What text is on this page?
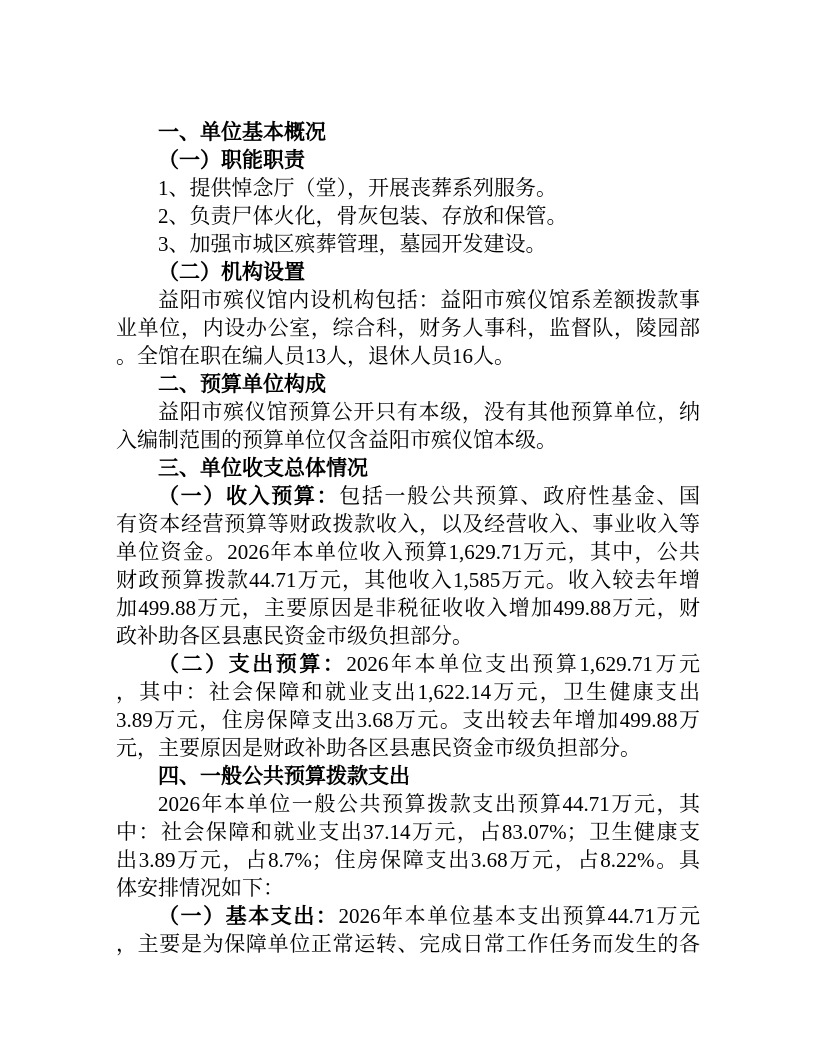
一、单位基本概况
（一）职能职责
1、提供悼念厅（堂），开展丧葬系列服务。
2、负责尸体火化，骨灰包装、存放和保管。
3、加强市城区殡葬管理，墓园开发建设。
（二）机构设置
益阳市殡仪馆内设机构包括：益阳市殡仪馆系差额拨款事
业单位，内设办公室，综合科，财务人事科，监督队，陵园部
。全馆在职在编人员13人，退休人员16人。
二、预算单位构成
益阳市殡仪馆预算公开只有本级，没有其他预算单位，纳
入编制范围的预算单位仅含益阳市殡仪馆本级。
三、单位收支总体情况
（一）收入预算：包括一般公共预算、政府性基金、国
有资本经营预算等财政拨款收入，以及经营收入、事业收入等
单位资金。2026年本单位收入预算1,629.71万元，其中，公共
财政预算拨款44.71万元，其他收入1,585万元。收入较去年增
加499.88万元，主要原因是非税征收收入增加499.88万元，财
政补助各区县惠民资金市级负担部分。
（二）支出预算：2026年本单位支出预算1,629.71万元
，其中：社会保障和就业支出1,622.14万元，卫生健康支出
3.89万元，住房保障支出3.68万元。支出较去年增加499.88万
元，主要原因是财政补助各区县惠民资金市级负担部分。
四、一般公共预算拨款支出
2026年本单位一般公共预算拨款支出预算44.71万元，其
中：社会保障和就业支出37.14万元，占83.07%；卫生健康支
出3.89万元，占8.7%；住房保障支出3.68万元，占8.22%。具
体安排情况如下：
（一）基本支出：2026年本单位基本支出预算44.71万元
，主要是为保障单位正常运转、完成日常工作任务而发生的各
